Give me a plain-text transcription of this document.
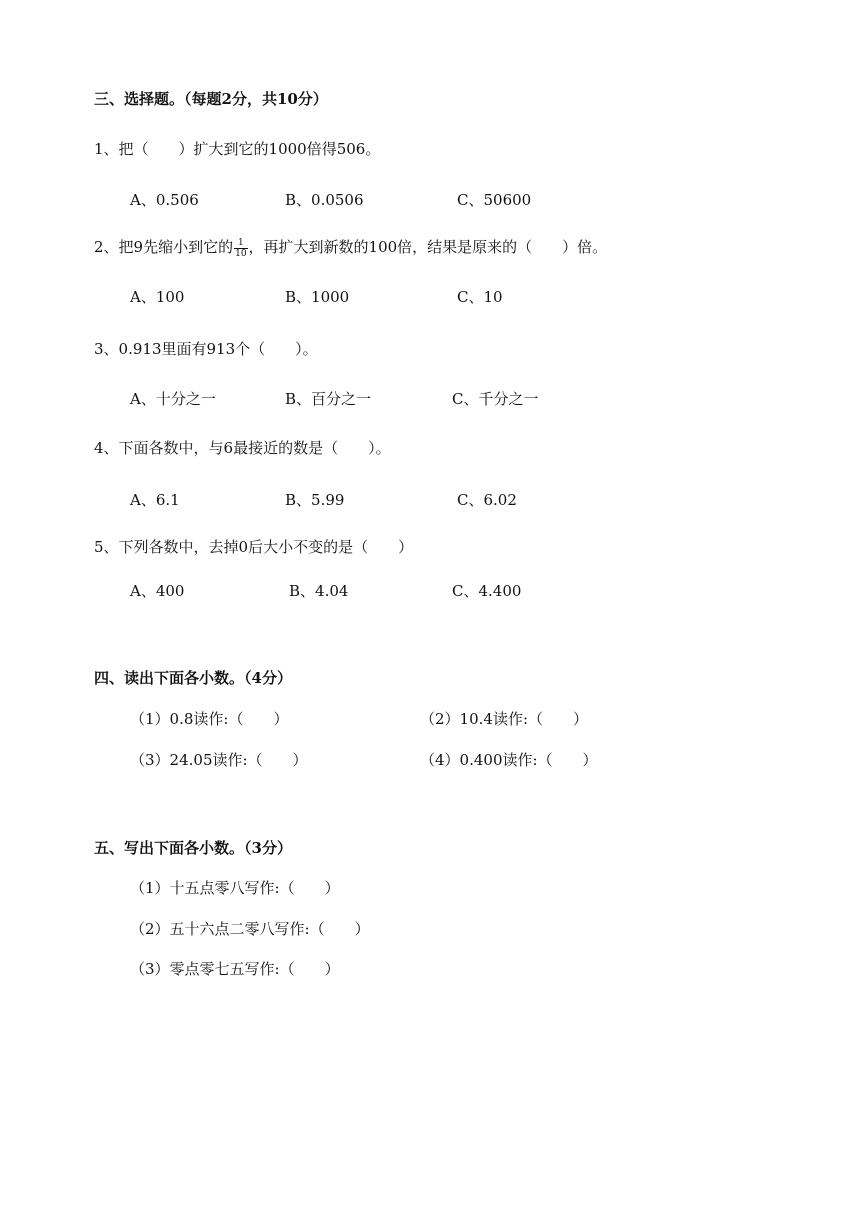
三、选择题。（每题2分，共10分）
1、把（　　）扩大到它的1000倍得506。
A、0.506	B、0.0506	C、50600
2、把9先缩小到它的 $\frac{1}{10}$ ，再扩大到新数的100倍，结果是原来的（　　）倍。
A、100	B、1000	C、10
3、0.913里面有913个（　　）。
A、十分之一	B、百分之一	C、千分之一
4、下面各数中，与6最接近的数是（　　）。
A、6.1	B、5.99	C、6.02
5、下列各数中，去掉0后大小不变的是（　　）
A、400	B、4.04	C、4.400
四、读出下面各小数。（4分）
（1）0.8读作:（　　）	（2）10.4读作:（　　）
（3）24.05读作:（　　）	（4）0.400读作:（　　）
五、写出下面各小数。（3分）
（1）十五点零八写作:（　　）
（2）五十六点二零八写作:（　　）
（3）零点零七五写作:（　　）
